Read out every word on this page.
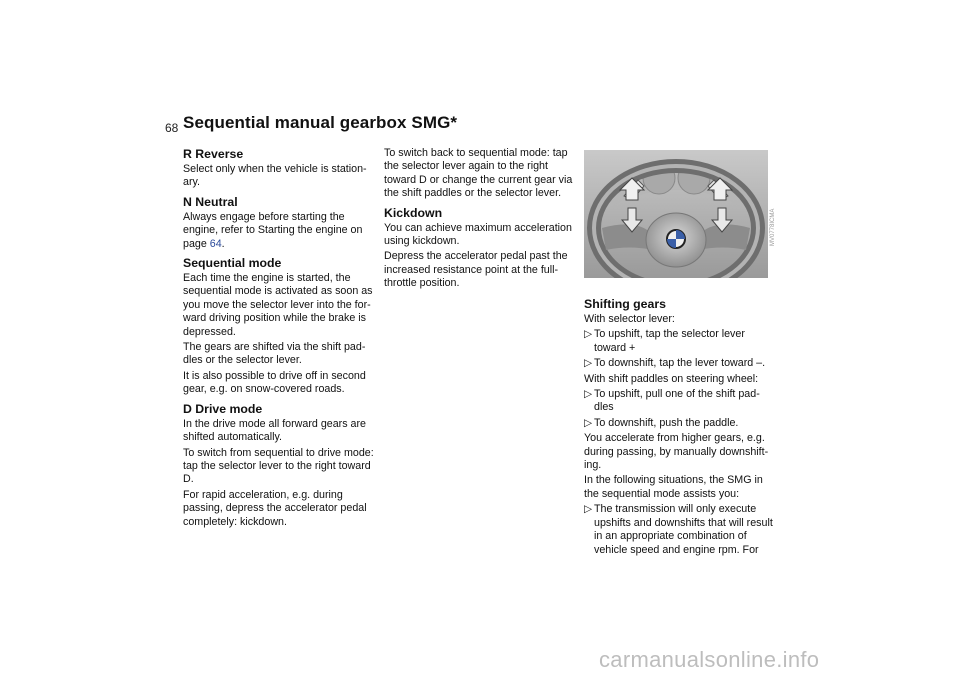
68 Sequential manual gearbox SMG*
R Reverse

Select only when the vehicle is station-ary.

N Neutral

Always engage before starting the engine, refer to Starting the engine on page 64.

Sequential mode

Each time the engine is started, the sequential mode is activated as soon as you move the selector lever into the for-ward driving position while the brake is depressed.

The gears are shifted via the shift pad-dles or the selector lever.

It is also possible to drive off in second gear, e.g. on snow-covered roads.

D Drive mode

In the drive mode all forward gears are shifted automatically.

To switch from sequential to drive mode: tap the selector lever to the right toward D.

For rapid acceleration, e.g. during passing, depress the accelerator pedal completely: kickdown.

To switch back to sequential mode: tap the selector lever again to the right toward D or change the current gear via the shift paddles or the selector lever.

Kickdown

You can achieve maximum acceleration using kickdown.

Depress the accelerator pedal past the increased resistance point at the full-throttle position.

MV0778ICMA
Shifting gears

With selector lever:

▷ To upshift, tap the selector lever toward +

▷ To downshift, tap the lever toward –.

With shift paddles on steering wheel:

▷ To upshift, pull one of the shift pad-dles

▷ To downshift, push the paddle.

You accelerate from higher gears, e.g. during passing, by manually downshift-ing.

In the following situations, the SMG in the sequential mode assists you:

▷ The transmission will only execute upshifts and downshifts that will result in an appropriate combination of vehicle speed and engine rpm. For

carmanualsonline.info
